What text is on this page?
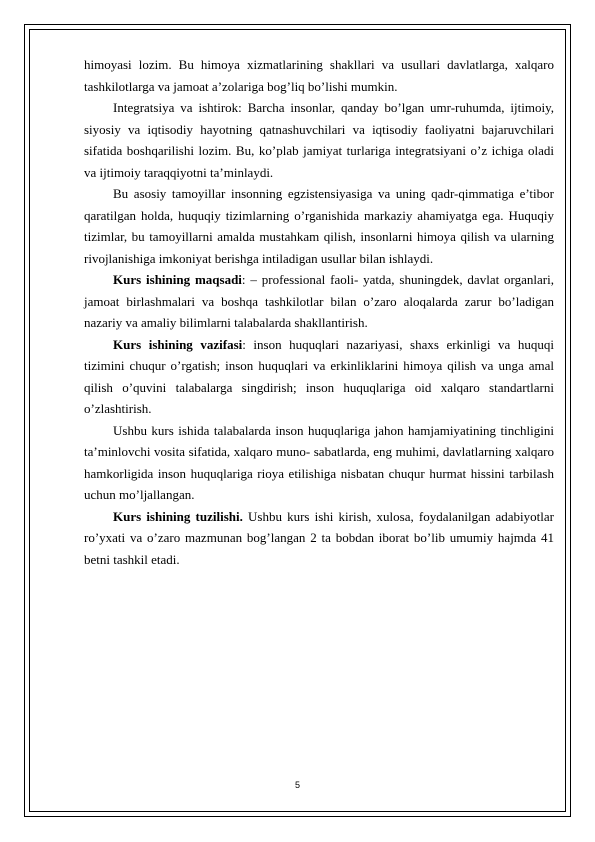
himoyasi lozim. Bu himoya xizmatlarining shakllari va usullari davlatlarga, xalqaro tashkilotlarga va jamoat a’zolariga bog’liq bo’lishi mumkin.

Integratsiya va ishtirok: Barcha insonlar, qanday bo’lgan umr-ruhumda, ijtimoiy, siyosiy va iqtisodiy hayotning qatnashuvchilari va iqtisodiy faoliyatni bajaruvchilari sifatida boshqarilishi lozim. Bu, ko’plab jamiyat turlariga integratsiyani o’z ichiga oladi va ijtimoiy taraqqiyotni ta’minlaydi.

Bu asosiy tamoyillar insonning egzistensiyasiga va uning qadr-qimmatiga e’tibor qaratilgan holda, huquqiy tizimlarning o’rganishida markaziy ahamiyatga ega. Huquqiy tizimlar, bu tamoyillarni amalda mustahkam qilish, insonlarni himoya qilish va ularning rivojlanishiga imkoniyat berishga intiladigan usullar bilan ishlaydi.

Kurs ishining maqsadi: – professional faoli- yatda, shuningdek, davlat organlari, jamoat birlashmalari va boshqa tashkilotlar bilan o’zaro aloqalarda zarur bo’ladigan nazariy va amaliy bilimlarni talabalarda shakllantirish.

Kurs ishining vazifasi: inson huquqlari nazariyasi, shaxs erkinligi va huquqi tizimini chuqur o’rgatish; inson huquqlari va erkinliklarini himoya qilish va unga amal qilish o’quvini talabalarga singdirish; inson huquqlariga oid xalqaro standartlarni o’zlashtirish.

Ushbu kurs ishida talabalarda inson huquqlariga jahon hamjamiyatining tinchligini ta’minlovchi vosita sifatida, xalqaro muno- sabatlarda, eng muhimi, davlatlarning xalqaro hamkorligida inson huquqlariga rioya etilishiga nisbatan chuqur hurmat hissini tarbilash uchun mo’ljallangan.

Kurs ishining tuzilishi. Ushbu kurs ishi kirish, xulosa, foydalanilgan adabiyotlar ro’yxati va o’zaro mazmunan bog’langan 2 ta bobdan iborat bo’lib umumiy hajmda 41 betni tashkil etadi.

5
